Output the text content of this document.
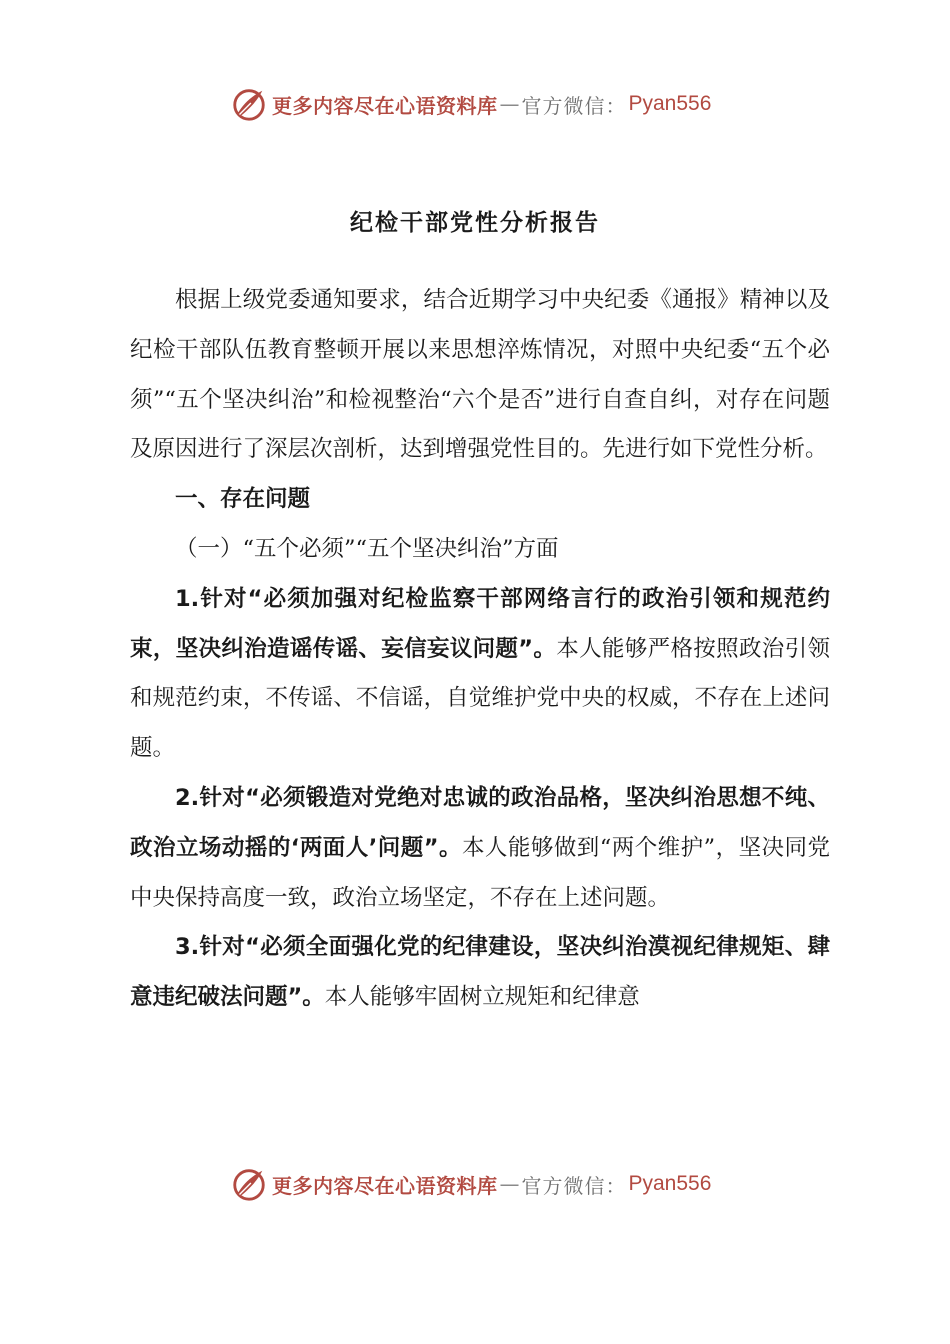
更多内容尽在心语资料库 — 官方微信： Pyan556
纪检干部党性分析报告

根据上级党委通知要求，结合近期学习中央纪委《通报》精神以及纪检干部队伍教育整顿开展以来思想淬炼情况，对照中央纪委“五个必须”“五个坚决纠治”和检视整治“六个是否”进行自查自纠，对存在问题及原因进行了深层次剖析，达到增强党性目的。先进行如下党性分析。

一、存在问题

（一）“五个必须”“五个坚决纠治”方面

1.针对“必须加强对纪检监察干部网络言行的政治引领和规范约束，坚决纠治造谣传谣、妄信妄议问题”。本人能够严格按照政治引领和规范约束，不传谣、不信谣，自觉维护党中央的权威，不存在上述问题。

2.针对“必须锻造对党绝对忠诚的政治品格，坚决纠治思想不纯、政治立场动摇的‘两面人’问题”。本人能够做到“两个维护”，坚决同党中央保持高度一致，政治立场坚定，不存在上述问题。

3.针对“必须全面强化党的纪律建设，坚决纠治漠视纪律规矩、肆意违纪破法问题”。本人能够牢固树立规矩和纪律意

更多内容尽在心语资料库 — 官方微信： Pyan556
